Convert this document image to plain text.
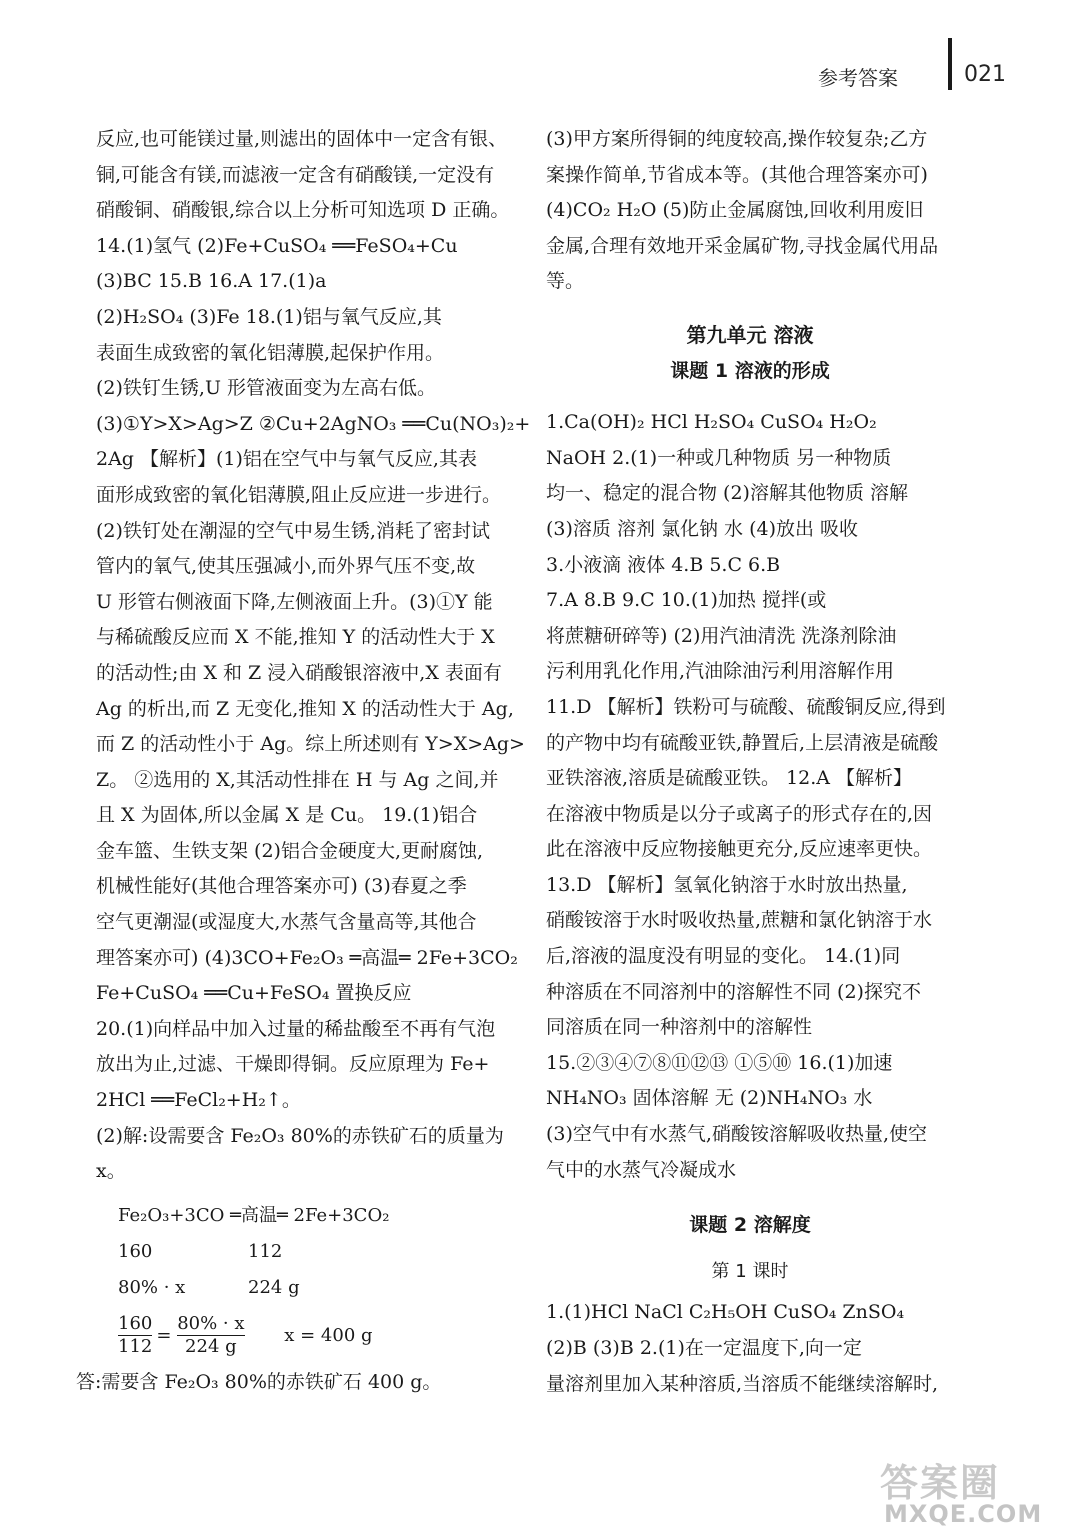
参考答案	021

反应,也可能镁过量,则滤出的固体中一定含有银、

铜,可能含有镁,而滤液一定含有硝酸镁,一定没有

硝酸铜、硝酸银,综合以上分析可知选项 D 正确。

14.(1)氢气 (2)Fe+CuSO₄ ══FeSO₄+Cu

(3)BC 15.B 16.A 17.(1)a

(2)H₂SO₄ (3)Fe 18.(1)铝与氧气反应,其

表面生成致密的氧化铝薄膜,起保护作用。

(2)铁钉生锈,U 形管液面变为左高右低。

(3)①Y>X>Ag>Z ②Cu+2AgNO₃ ══Cu(NO₃)₂+

2Ag 【解析】(1)铝在空气中与氧气反应,其表

面形成致密的氧化铝薄膜,阻止反应进一步进行。

(2)铁钉处在潮湿的空气中易生锈,消耗了密封试

管内的氧气,使其压强减小,而外界气压不变,故

U 形管右侧液面下降,左侧液面上升。(3)①Y 能

与稀硫酸反应而 X 不能,推知 Y 的活动性大于 X

的活动性;由 X 和 Z 浸入硝酸银溶液中,X 表面有

Ag 的析出,而 Z 无变化,推知 X 的活动性大于 Ag,

而 Z 的活动性小于 Ag。综上所述则有 Y>X>Ag>

Z。 ②选用的 X,其活动性排在 H 与 Ag 之间,并

且 X 为固体,所以金属 X 是 Cu。 19.(1)铝合

金车篮、生铁支架 (2)铝合金硬度大,更耐腐蚀,

机械性能好(其他合理答案亦可) (3)春夏之季

空气更潮湿(或湿度大,水蒸气含量高等,其他合

理答案亦可) (4)3CO+Fe₂O₃ ═高温═ 2Fe+3CO₂

Fe+CuSO₄ ══Cu+FeSO₄ 置换反应

20.(1)向样品中加入过量的稀盐酸至不再有气泡

放出为止,过滤、干燥即得铜。反应原理为 Fe+

2HCl ══FeCl₂+H₂↑。

(2)解:设需要含 Fe₂O₃ 80%的赤铁矿石的质量为

x。

Fe₂O₃+3CO ═高温═ 2Fe+3CO₂

160	112

80% · x	224 g

$\frac{160}{112} = \frac{80\% \cdot x}{224 g}$ x = 400 g

答:需要含 Fe₂O₃ 80%的赤铁矿石 400 g。

(3)甲方案所得铜的纯度较高,操作较复杂;乙方

案操作简单,节省成本等。(其他合理答案亦可)

(4)CO₂ H₂O (5)防止金属腐蚀,回收利用废旧

金属,合理有效地开采金属矿物,寻找金属代用品

等。

第九单元 溶液

课题 1 溶液的形成

1.Ca(OH)₂ HCl H₂SO₄ CuSO₄ H₂O₂

NaOH 2.(1)一种或几种物质 另一种物质

均一、稳定的混合物 (2)溶解其他物质 溶解

(3)溶质 溶剂 氯化钠 水 (4)放出 吸收

3.小液滴 液体 4.B 5.C 6.B

7.A 8.B 9.C 10.(1)加热 搅拌(或

将蔗糖研碎等) (2)用汽油清洗 洗涤剂除油

污利用乳化作用,汽油除油污利用溶解作用

11.D 【解析】铁粉可与硫酸、硫酸铜反应,得到

的产物中均有硫酸亚铁,静置后,上层清液是硫酸

亚铁溶液,溶质是硫酸亚铁。 12.A 【解析】

在溶液中物质是以分子或离子的形式存在的,因

此在溶液中反应物接触更充分,反应速率更快。

13.D 【解析】氢氧化钠溶于水时放出热量,

硝酸铵溶于水时吸收热量,蔗糖和氯化钠溶于水

后,溶液的温度没有明显的变化。 14.(1)同

种溶质在不同溶剂中的溶解性不同 (2)探究不

同溶质在同一种溶剂中的溶解性

15.②③④⑦⑧⑪⑫⑬ ①⑤⑩ 16.(1)加速

NH₄NO₃ 固体溶解 无 (2)NH₄NO₃ 水

(3)空气中有水蒸气,硝酸铵溶解吸收热量,使空

气中的水蒸气冷凝成水

课题 2 溶解度

第 1 课时

1.(1)HCl NaCl C₂H₅OH CuSO₄ ZnSO₄

(2)B (3)B 2.(1)在一定温度下,向一定

量溶剂里加入某种溶质,当溶质不能继续溶解时,

答案圈
MXQE.COM
